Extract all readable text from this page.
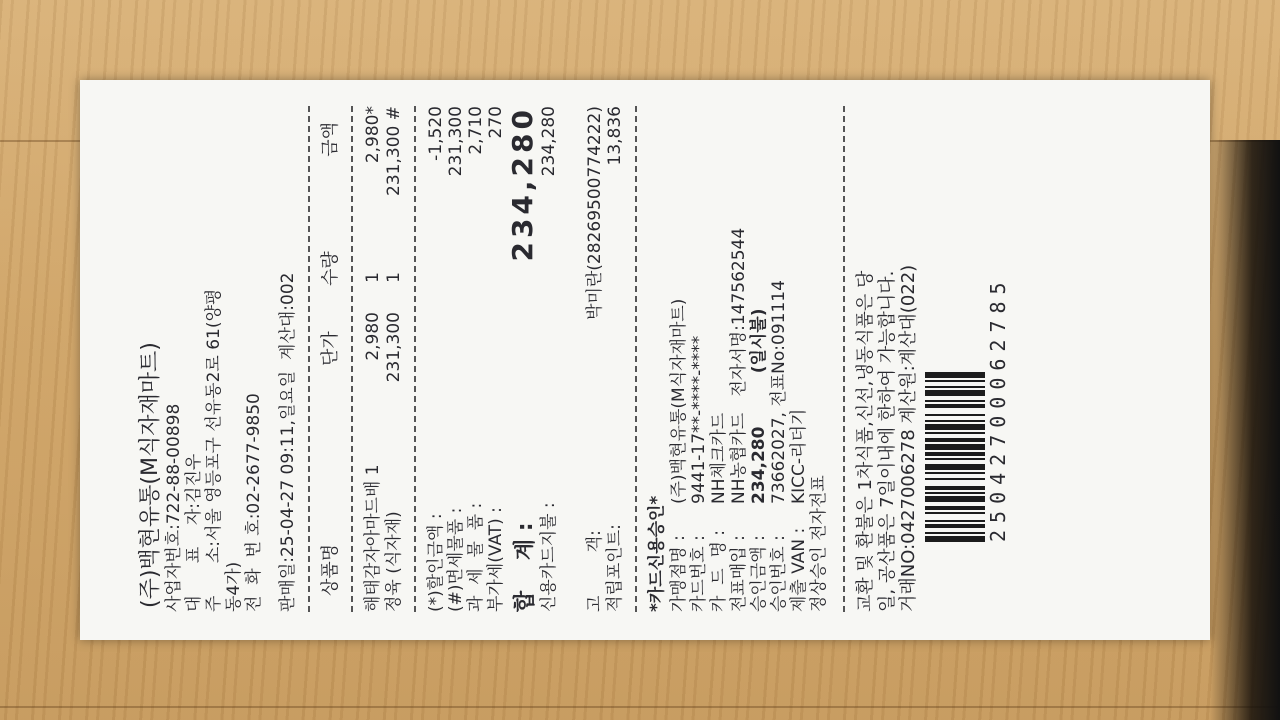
(주)백현유통(M식자재마트) 사업자번호:722-88-00898 대      표    자:김진우 주      소:서울 영등포구 선유동2로 61(양평 동4가) 전  화  번 호:02-2677-9850 판매일:25-04-27 09:11,일요일  계산대:002 상품명
단가
수량
금액
해태감자아마드배 1
2,980
1
2,980*
정육 (식자재)
231,300
1
231,300 #
(*)할인금액 :
-1,520
(#)면세물품 :
231,300
과  세  물  품 :
2,710
부가세(VAT) :
270
합    계 :
234,280
신용카드지불 :
234,280
고        객:
박미란(28269500774222)
적립포인트:
13,836
*카드신용승인* 가맹점명 :
(주)백현유통(M식자재마트)
카드번호 :
9441-17**-****-****
카  드  명 :
NH체크카드
전표매입 :
NH농협카드   전자서명:147562544
승인금액 :
234,280         (일시불)
승인번호 :
73662027, 전표No:091114
제출 VAN :
KICC-리더기
정상승인 전자전표 교환 및 환불은 1차식품,신선,냉동식품은 당 일, 공산품은 7일이내에 한하여 가능합니다. 거래NO:0427006278 계산원:계산대(022)	25042700062785
